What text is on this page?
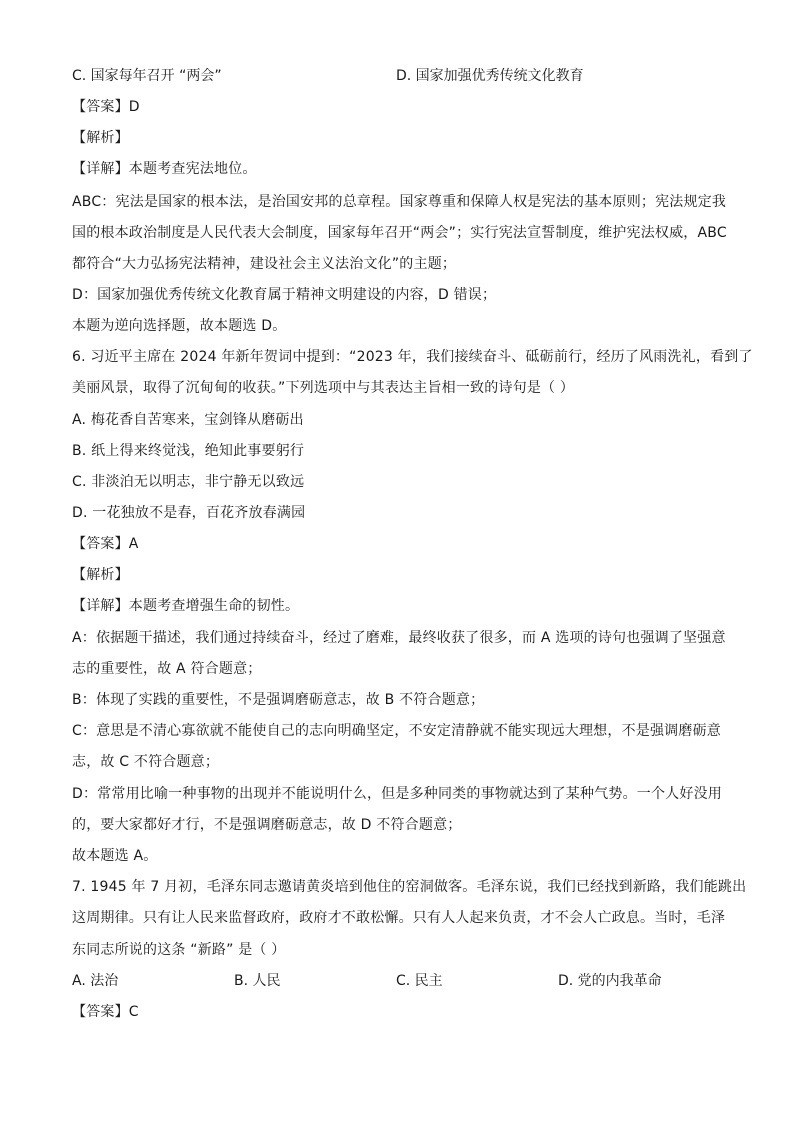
C. 国家每年召开 “两会”	D. 国家加强优秀传统文化教育
【答案】D
【解析】
【详解】本题考查宪法地位。
ABC：宪法是国家的根本法，是治国安邦的总章程。国家尊重和保障人权是宪法的基本原则；宪法规定我
国的根本政治制度是人民代表大会制度，国家每年召开“两会”；实行宪法宣誓制度，维护宪法权威，ABC
都符合“大力弘扬宪法精神，建设社会主义法治文化”的主题；
D：国家加强优秀传统文化教育属于精神文明建设的内容，D 错误；
本题为逆向选择题，故本题选 D。
6. 习近平主席在 2024 年新年贺词中提到：“2023 年，我们接续奋斗、砥砺前行，经历了风雨洗礼，看到了
美丽风景，取得了沉甸甸的收获。”下列选项中与其表达主旨相一致的诗句是（ ）
A. 梅花香自苦寒来，宝剑锋从磨砺出
B. 纸上得来终觉浅，绝知此事要躬行
C. 非淡泊无以明志，非宁静无以致远
D. 一花独放不是春，百花齐放春满园
【答案】A
【解析】
【详解】本题考查增强生命的韧性。
A：依据题干描述，我们通过持续奋斗，经过了磨难，最终收获了很多，而 A 选项的诗句也强调了坚强意
志的重要性，故 A 符合题意；
B：体现了实践的重要性，不是强调磨砺意志，故 B 不符合题意；
C：意思是不清心寡欲就不能使自己的志向明确坚定，不安定清静就不能实现远大理想，不是强调磨砺意
志，故 C 不符合题意；
D：常常用比喻一种事物的出现并不能说明什么，但是多种同类的事物就达到了某种气势。一个人好没用
的，要大家都好才行，不是强调磨砺意志，故 D 不符合题意；
故本题选 A。
7. 1945 年 7 月初，毛泽东同志邀请黄炎培到他住的窑洞做客。毛泽东说，我们已经找到新路，我们能跳出
这周期律。只有让人民来监督政府，政府才不敢松懈。只有人人起来负责，才不会人亡政息。当时，毛泽
东同志所说的这条 “新路” 是（ ）
A. 法治	B. 人民	C. 民主	D. 党的内我革命
【答案】C
